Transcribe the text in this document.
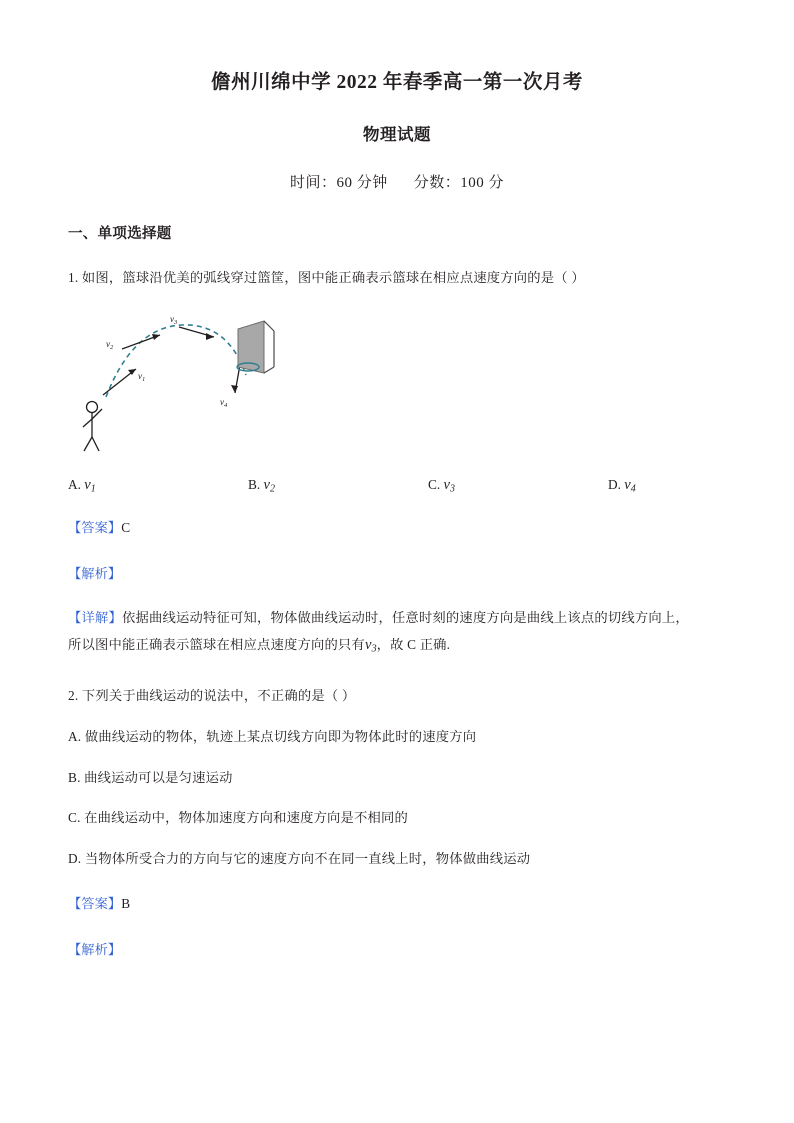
儋州川绵中学 2022 年春季高一第一次月考
物理试题
时间：60 分钟 分数：100 分
一、单项选择题
1. 如图，篮球沿优美的弧线穿过篮筐，图中能正确表示篮球在相应点速度方向的是（ ）
$v_2$
$v_3$
$v_1$
$v_4$
A. v1	B. v2	C. v3	D. v4
【答案】C
【解析】
【详解】依据曲线运动特征可知，物体做曲线运动时，任意时刻的速度方向是曲线上该点的切线方向上，
所以图中能正确表示篮球在相应点速度方向的只有v3，故 C 正确.
2. 下列关于曲线运动的说法中，不正确的是（ ）
A. 做曲线运动的物体，轨迹上某点切线方向即为物体此时的速度方向
B. 曲线运动可以是匀速运动
C. 在曲线运动中，物体加速度方向和速度方向是不相同的
D. 当物体所受合力的方向与它的速度方向不在同一直线上时，物体做曲线运动
【答案】B
【解析】
